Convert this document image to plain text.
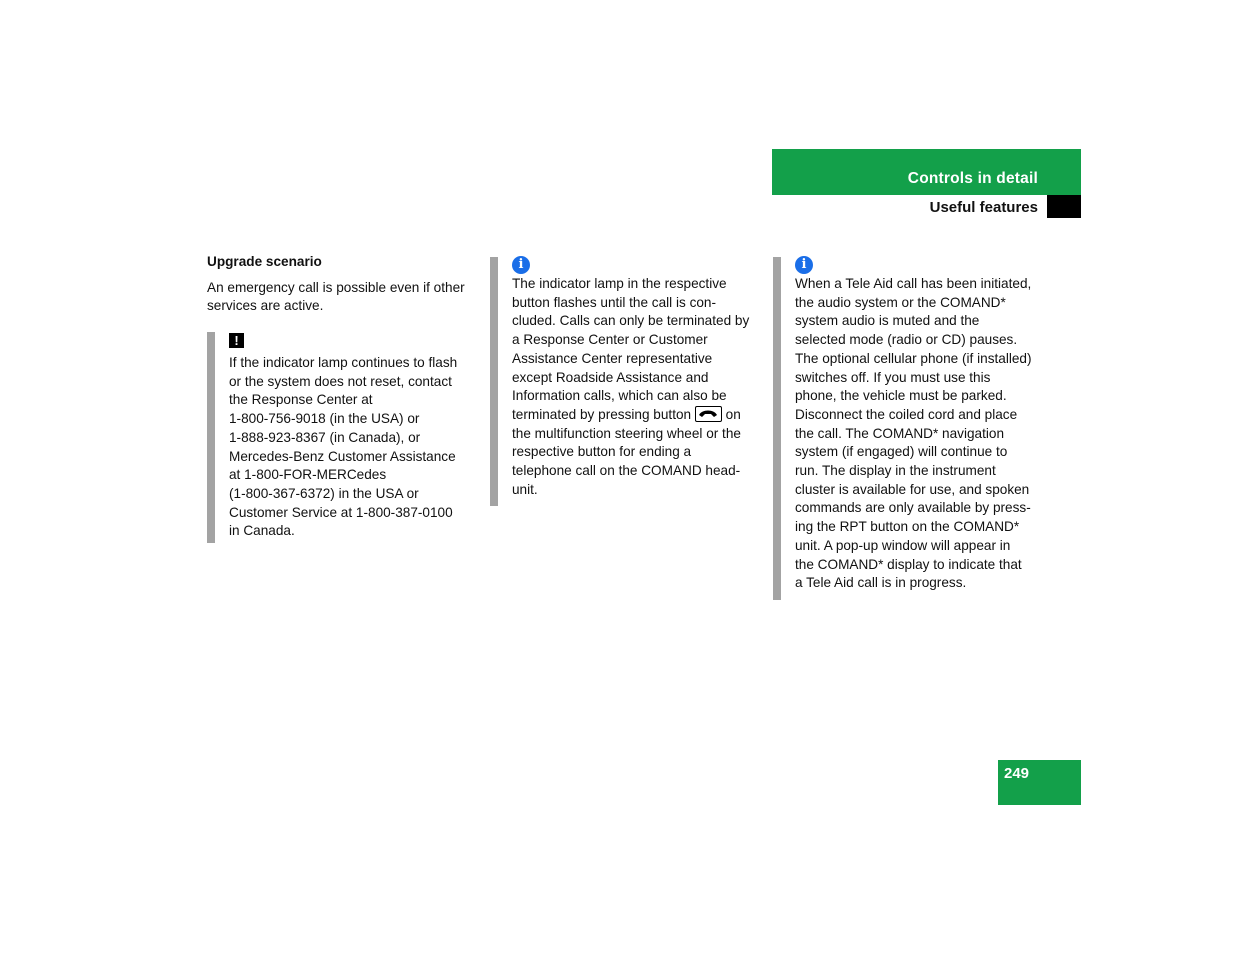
Controls in detail
Useful features

Upgrade scenario

An emergency call is possible even if other

services are active.

!

If the indicator lamp continues to flash

or the system does not reset, contact

the Response Center at

1-800-756-9018 (in the USA) or

1-888-923-8367 (in Canada), or

Mercedes-Benz Customer Assistance

at 1-800-FOR-MERCedes

(1-800-367-6372) in the USA or

Customer Service at 1-800-387-0100

in Canada.

i

The indicator lamp in the respective

button flashes until the call is con-

cluded. Calls can only be terminated by

a Response Center or Customer

Assistance Center representative

except Roadside Assistance and

Information calls, which can also be

terminated by pressing button	on

the multifunction steering wheel or the

respective button for ending a

telephone call on the COMAND head-

unit.

i

When a Tele Aid call has been initiated,

the audio system or the COMAND*

system audio is muted and the

selected mode (radio or CD) pauses.

The optional cellular phone (if installed)

switches off. If you must use this

phone, the vehicle must be parked.

Disconnect the coiled cord and place

the call. The COMAND* navigation

system (if engaged) will continue to

run. The display in the instrument

cluster is available for use, and spoken

commands are only available by press-

ing the RPT button on the COMAND*

unit. A pop-up window will appear in

the COMAND* display to indicate that

a Tele Aid call is in progress.

249
